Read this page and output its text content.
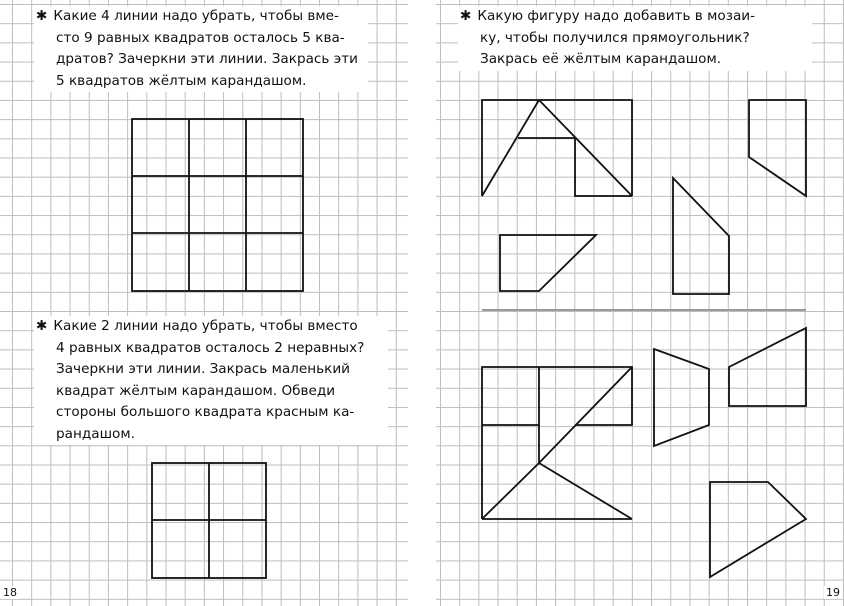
✱ Какие 4 линии надо убрать, чтобы вме-
сто 9 равных квадратов осталось 5 ква-
дратов? Зачеркни эти линии. Закрась эти
5 квадратов жёлтым карандашом.
✱ Какие 2 линии надо убрать, чтобы вместо
4 равных квадратов осталось 2 неравных?
Зачеркни эти линии. Закрась маленький
квадрат жёлтым карандашом. Обведи
стороны большого квадрата красным ка-
рандашом.
✱ Какую фигуру надо добавить в мозаи-
ку, чтобы получился прямоугольник?
Закрась её жёлтым карандашом.
18	19
